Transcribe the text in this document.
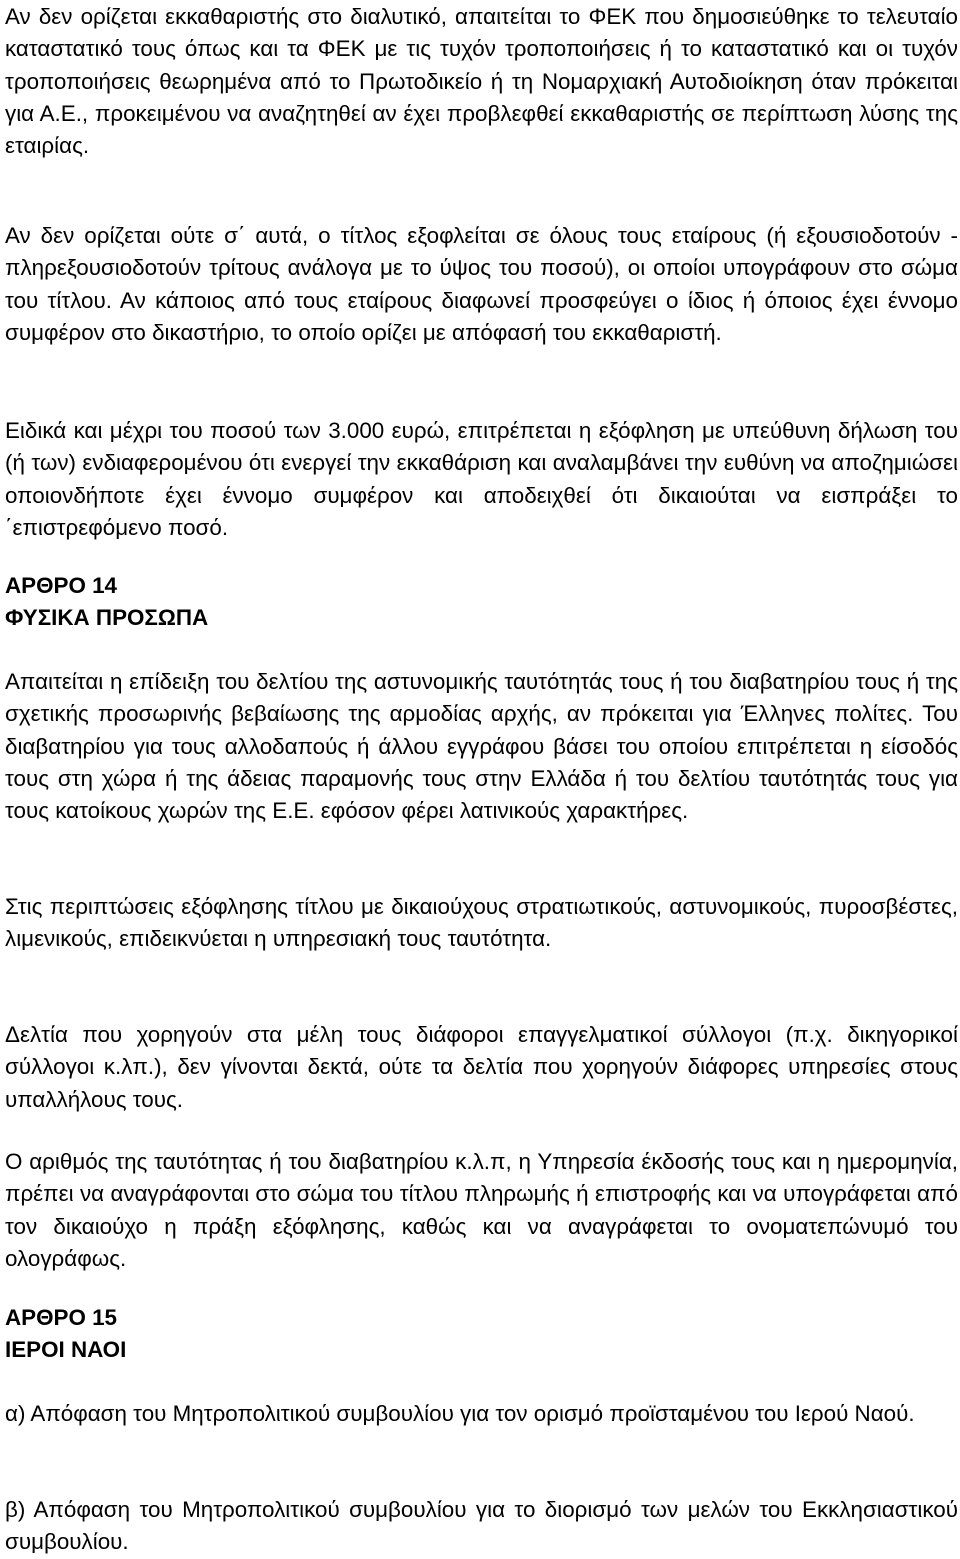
Αν δεν ορίζεται εκκαθαριστής στο διαλυτικό, απαιτείται το ΦΕΚ που δημοσιεύθηκε το τελευταίο καταστατικό τους όπως και τα ΦΕΚ με τις τυχόν τροποποιήσεις ή το καταστατικό και οι τυχόν τροποποιήσεις θεωρημένα από το Πρωτοδικείο ή τη Νομαρχιακή Αυτοδιοίκηση όταν πρόκειται για Α.Ε., προκειμένου να αναζητηθεί αν έχει προβλεφθεί εκκαθαριστής σε περίπτωση λύσης της εταιρίας.

Αν δεν ορίζεται ούτε σ΄ αυτά, ο τίτλος εξοφλείται σε όλους τους εταίρους (ή εξουσιοδοτούν - πληρεξουσιοδοτούν τρίτους ανάλογα με το ύψος του ποσού), οι οποίοι υπογράφουν στο σώμα του τίτλου. Αν κάποιος από τους εταίρους διαφωνεί προσφεύγει ο ίδιος ή όποιος έχει έννομο συμφέρον στο δικαστήριο, το οποίο ορίζει με απόφασή του εκκαθαριστή.

Ειδικά και μέχρι του ποσού των 3.000 ευρώ, επιτρέπεται η εξόφληση με υπεύθυνη δήλωση του (ή των) ενδιαφερομένου ότι ενεργεί την εκκαθάριση και αναλαμβάνει την ευθύνη να αποζημιώσει οποιονδήποτε έχει έννομο συμφέρον και αποδειχθεί ότι δικαιούται να εισπράξει το ΄επιστρεφόμενο ποσό.

ΑΡΘΡΟ 14
ΦΥΣΙΚΑ ΠΡΟΣΩΠΑ

Απαιτείται η επίδειξη του δελτίου της αστυνομικής ταυτότητάς τους ή του διαβατηρίου τους ή της σχετικής προσωρινής βεβαίωσης της αρμοδίας αρχής, αν πρόκειται για Έλληνες πολίτες. Του διαβατηρίου για τους αλλοδαπούς ή άλλου εγγράφου βάσει του οποίου επιτρέπεται η είσοδός τους στη χώρα ή της άδειας παραμονής τους στην Ελλάδα ή του δελτίου ταυτότητάς τους για τους κατοίκους χωρών της Ε.Ε. εφόσον φέρει λατινικούς χαρακτήρες.

Στις περιπτώσεις εξόφλησης τίτλου με δικαιούχους στρατιωτικούς, αστυνομικούς, πυροσβέστες, λιμενικούς, επιδεικνύεται η υπηρεσιακή τους ταυτότητα.

Δελτία που χορηγούν στα μέλη τους διάφοροι επαγγελματικοί σύλλογοι (π.χ. δικηγορικοί σύλλογοι κ.λπ.), δεν γίνονται δεκτά, ούτε τα δελτία που χορηγούν διάφορες υπηρεσίες στους υπαλλήλους τους.

Ο αριθμός της ταυτότητας ή του διαβατηρίου κ.λ.π, η Υπηρεσία έκδοσής τους και η ημερομηνία, πρέπει να αναγράφονται στο σώμα του τίτλου πληρωμής ή επιστροφής και να υπογράφεται από τον δικαιούχο η πράξη εξόφλησης, καθώς και να αναγράφεται το ονοματεπώνυμό του ολογράφως.

ΑΡΘΡΟ 15
ΙΕΡΟΙ ΝΑΟΙ

α) Απόφαση του Μητροπολιτικού συμβουλίου για τον ορισμό προϊσταμένου του Ιερού Ναού.

β) Απόφαση του Μητροπολιτικού συμβουλίου για το διορισμό των μελών του Εκκλησιαστικού συμβουλίου.
